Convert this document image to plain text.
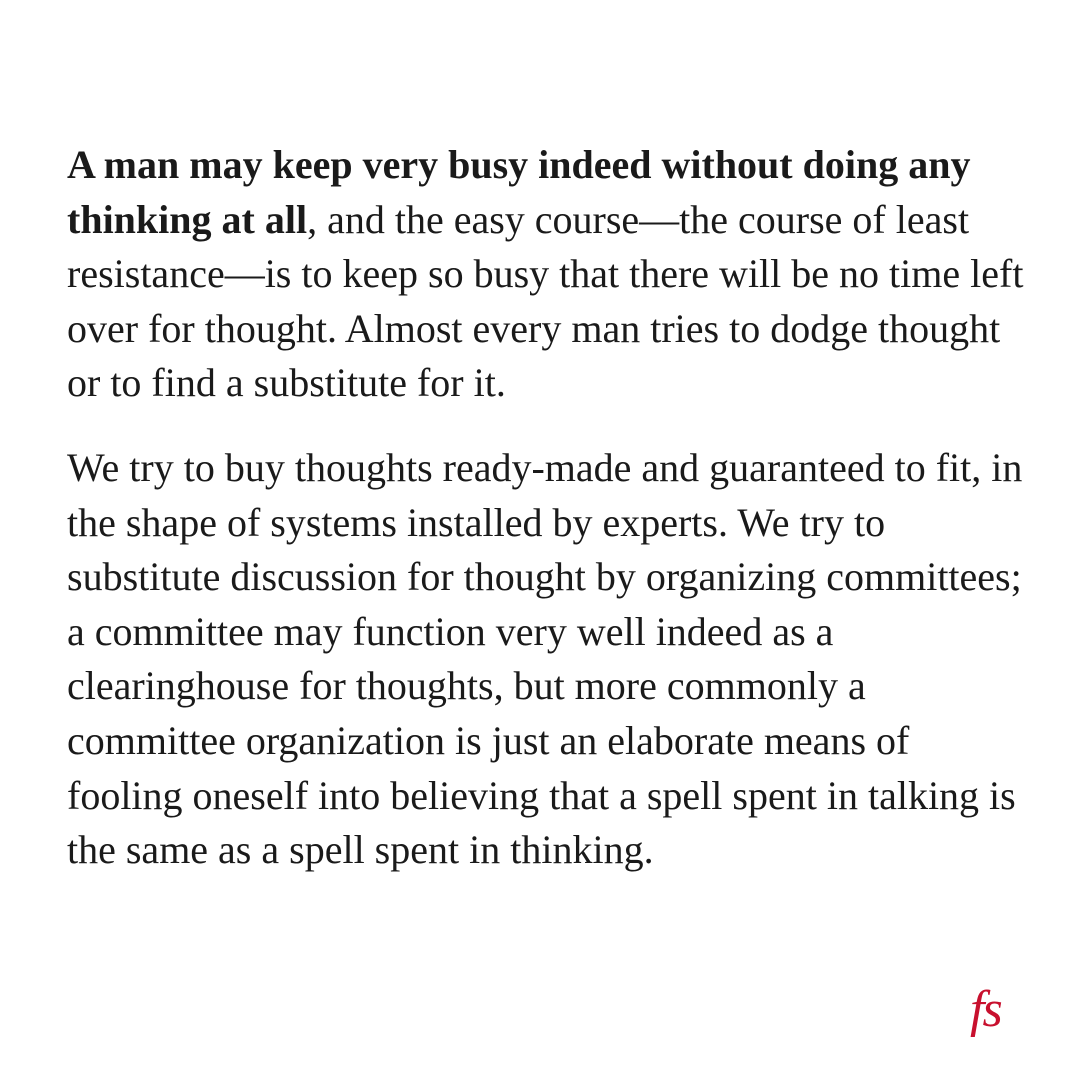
A man may keep very busy indeed without doing any thinking at all, and the easy course—the course of least resistance—is to keep so busy that there will be no time left over for thought. Almost every man tries to dodge thought or to find a substitute for it.

We try to buy thoughts ready-made and guaranteed to fit, in the shape of systems installed by experts. We try to substitute discussion for thought by organizing committees; a committee may function very well indeed as a clearinghouse for thoughts, but more commonly a committee organization is just an elaborate means of fooling oneself into believing that a spell spent in talking is the same as a spell spent in thinking.

fs
